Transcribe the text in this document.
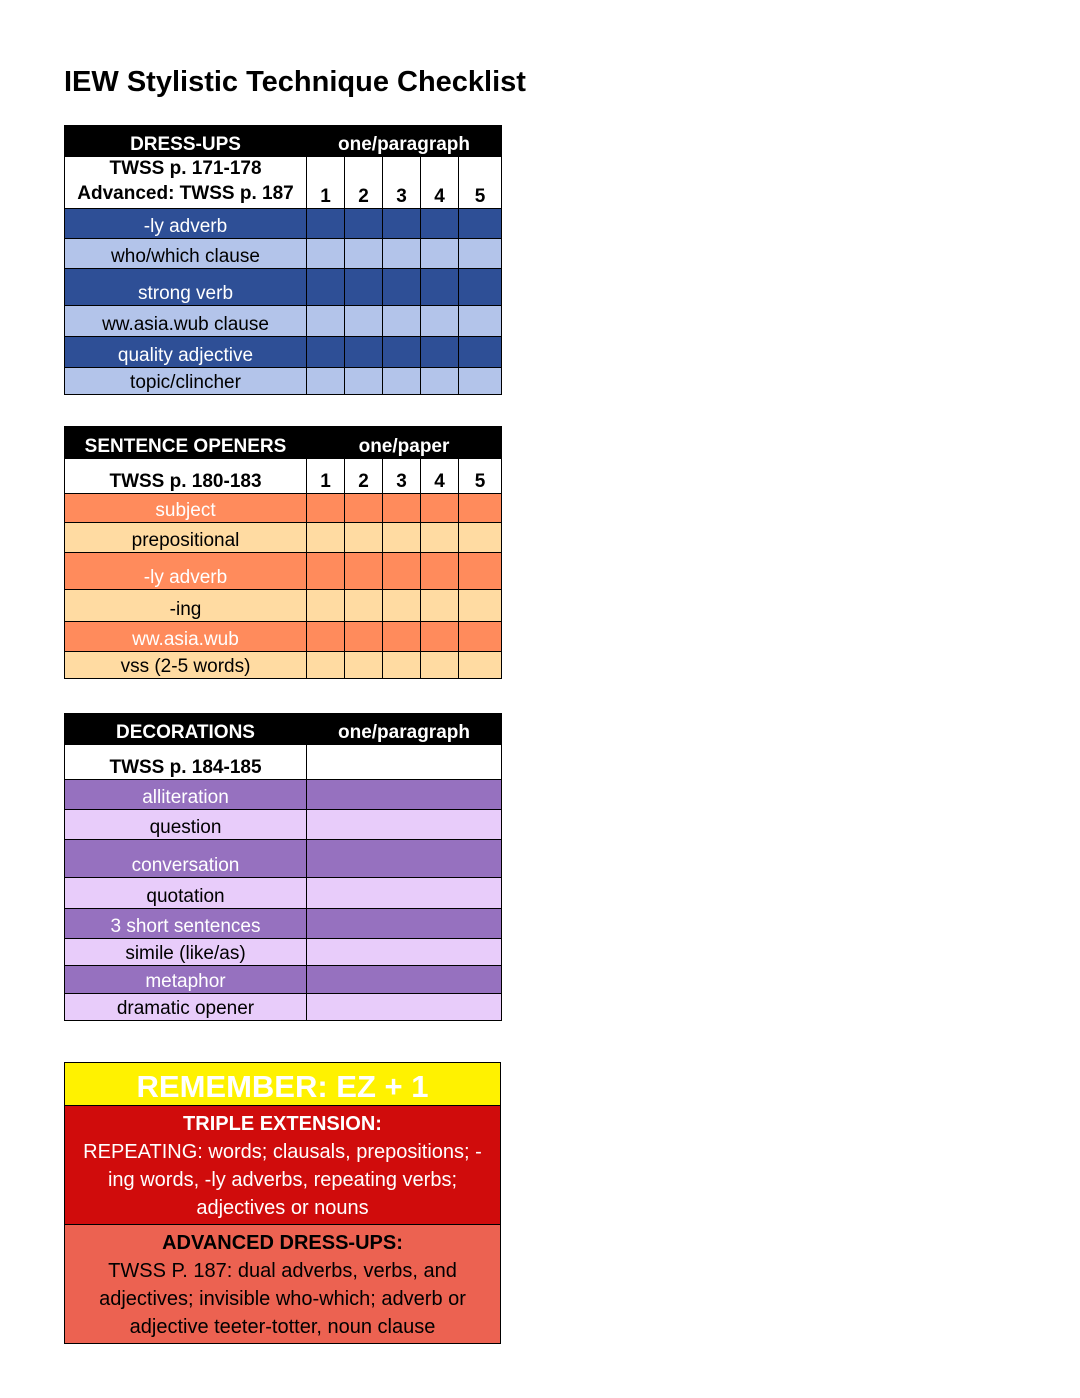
IEW Stylistic Technique Checklist
DRESS-UPS	one/paragraph				
TWSS p. 171-178
Advanced: TWSS p. 187	1	2	3	4	5
-ly adverb					
who/which clause					
strong verb					
ww.asia.wub clause					
quality adjective					
topic/clincher					
SENTENCE OPENERS	one/paper				
TWSS p. 180-183	1	2	3	4	5
subject					
prepositional					
-ly adverb					
-ing					
ww.asia.wub					
vss (2-5 words)					
DECORATIONS	one/paragraph
TWSS p. 184-185	
alliteration	
question	
conversation	
quotation	
3 short sentences	
simile (like/as)	
metaphor	
dramatic opener	
REMEMBER: EZ + 1
TRIPLE EXTENSION:
REPEATING: words; clausals, prepositions; -
ing words, -ly adverbs, repeating verbs;
adjectives or nouns
ADVANCED DRESS-UPS:
TWSS P. 187: dual adverbs, verbs, and
adjectives; invisible who-which; adverb or
adjective teeter-totter, noun clause
